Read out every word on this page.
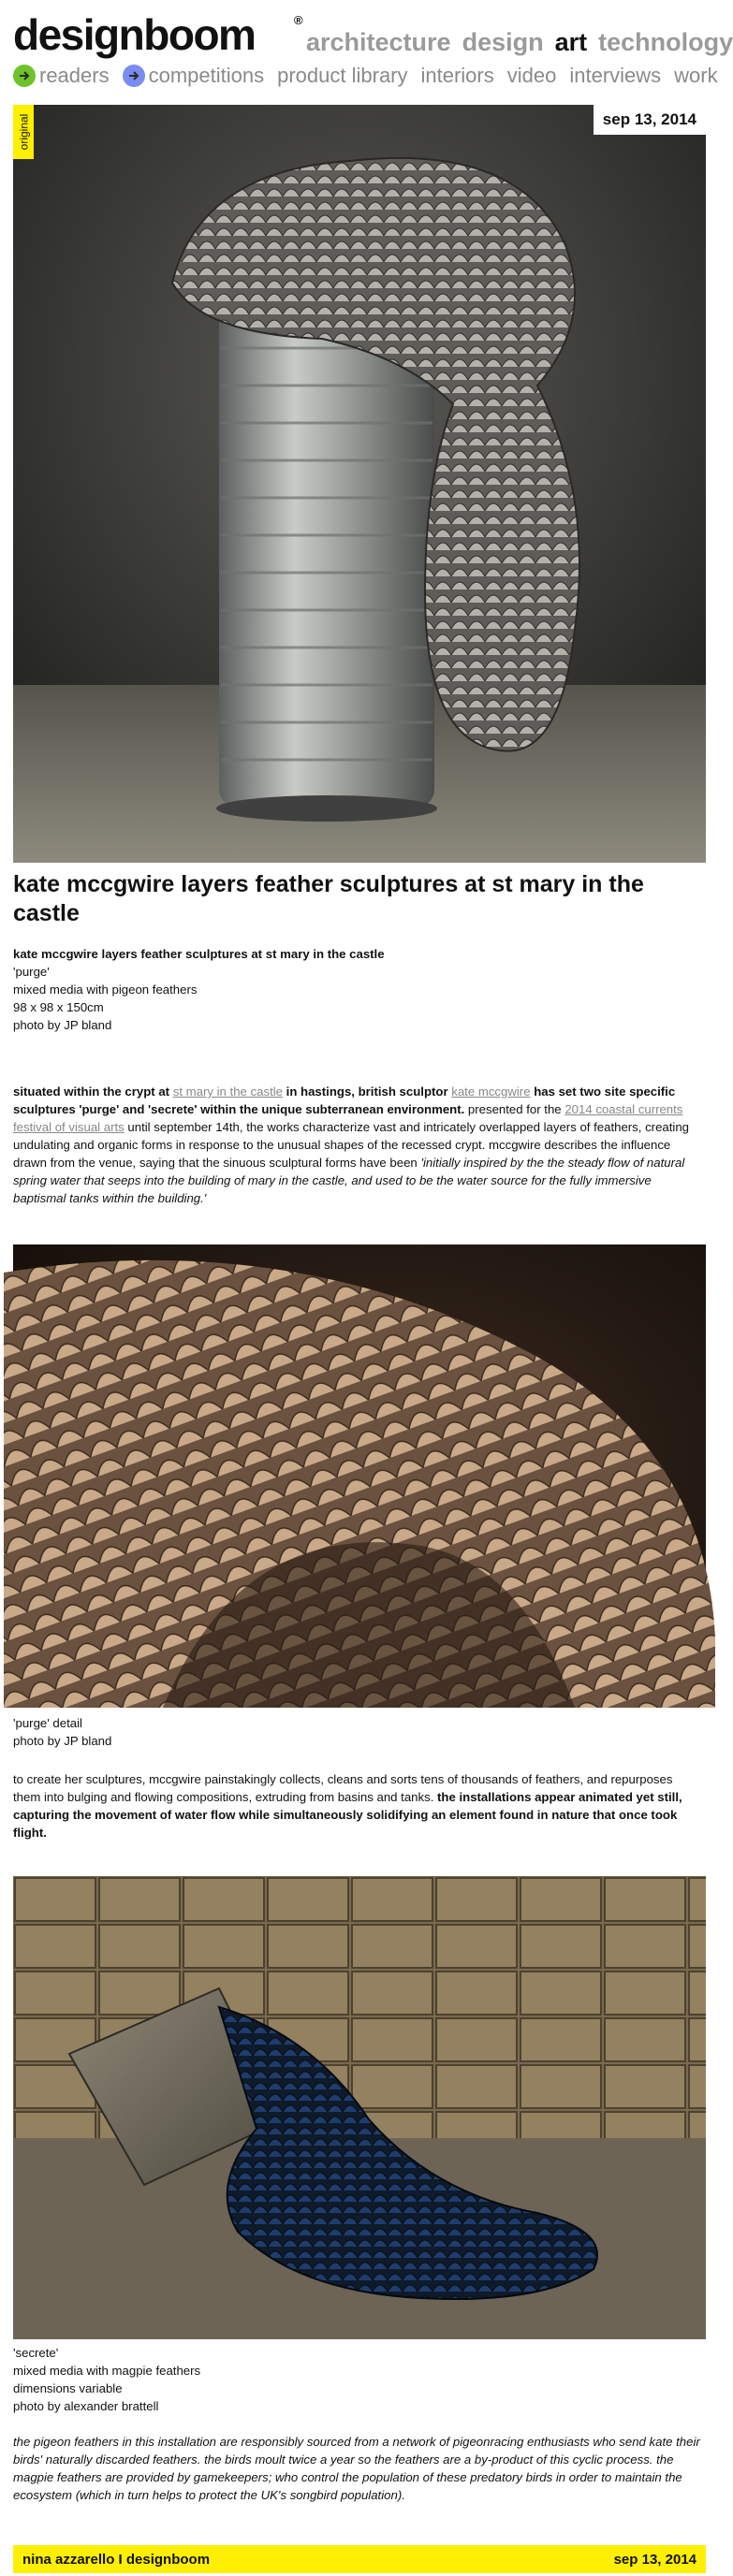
designboom	®
architecture design art technology
readers competitions product library interiors video interviews work
original	sep 13, 2014
kate mccgwire layers feather sculptures at st mary in the castle
kate mccgwire layers feather sculptures at st mary in the castle
'purge'
mixed media with pigeon feathers
98 x 98 x 150cm
photo by JP bland
situated within the crypt at st mary in the castle in hastings, british sculptor kate mccgwire has set two site specific sculptures 'purge' and 'secrete' within the unique subterranean environment. presented for the 2014 coastal currents festival of visual arts until september 14th, the works characterize vast and intricately overlapped layers of feathers, creating undulating and organic forms in response to the unusual shapes of the recessed crypt. mccgwire describes the influence drawn from the venue, saying that the sinuous sculptural forms have been 'initially inspired by the the steady flow of natural spring water that seeps into the building of mary in the castle, and used to be the water source for the fully immersive baptismal tanks within the building.'
'purge' detail
photo by JP bland
to create her sculptures, mccgwire painstakingly collects, cleans and sorts tens of thousands of feathers, and repurposes them into bulging and flowing compositions, extruding from basins and tanks. the installations appear animated yet still, capturing the movement of water flow while simultaneously solidifying an element found in nature that once took flight.
'secrete'
mixed media with magpie feathers
dimensions variable
photo by alexander brattell
the pigeon feathers in this installation are responsibly sourced from a network of pigeonracing enthusiasts who send kate their birds' naturally discarded feathers. the birds moult twice a year so the feathers are a by-product of this cyclic process. the magpie feathers are provided by gamekeepers; who control the population of these predatory birds in order to maintain the ecosystem (which in turn helps to protect the UK's songbird population).
nina azzarello I designboom	sep 13, 2014
